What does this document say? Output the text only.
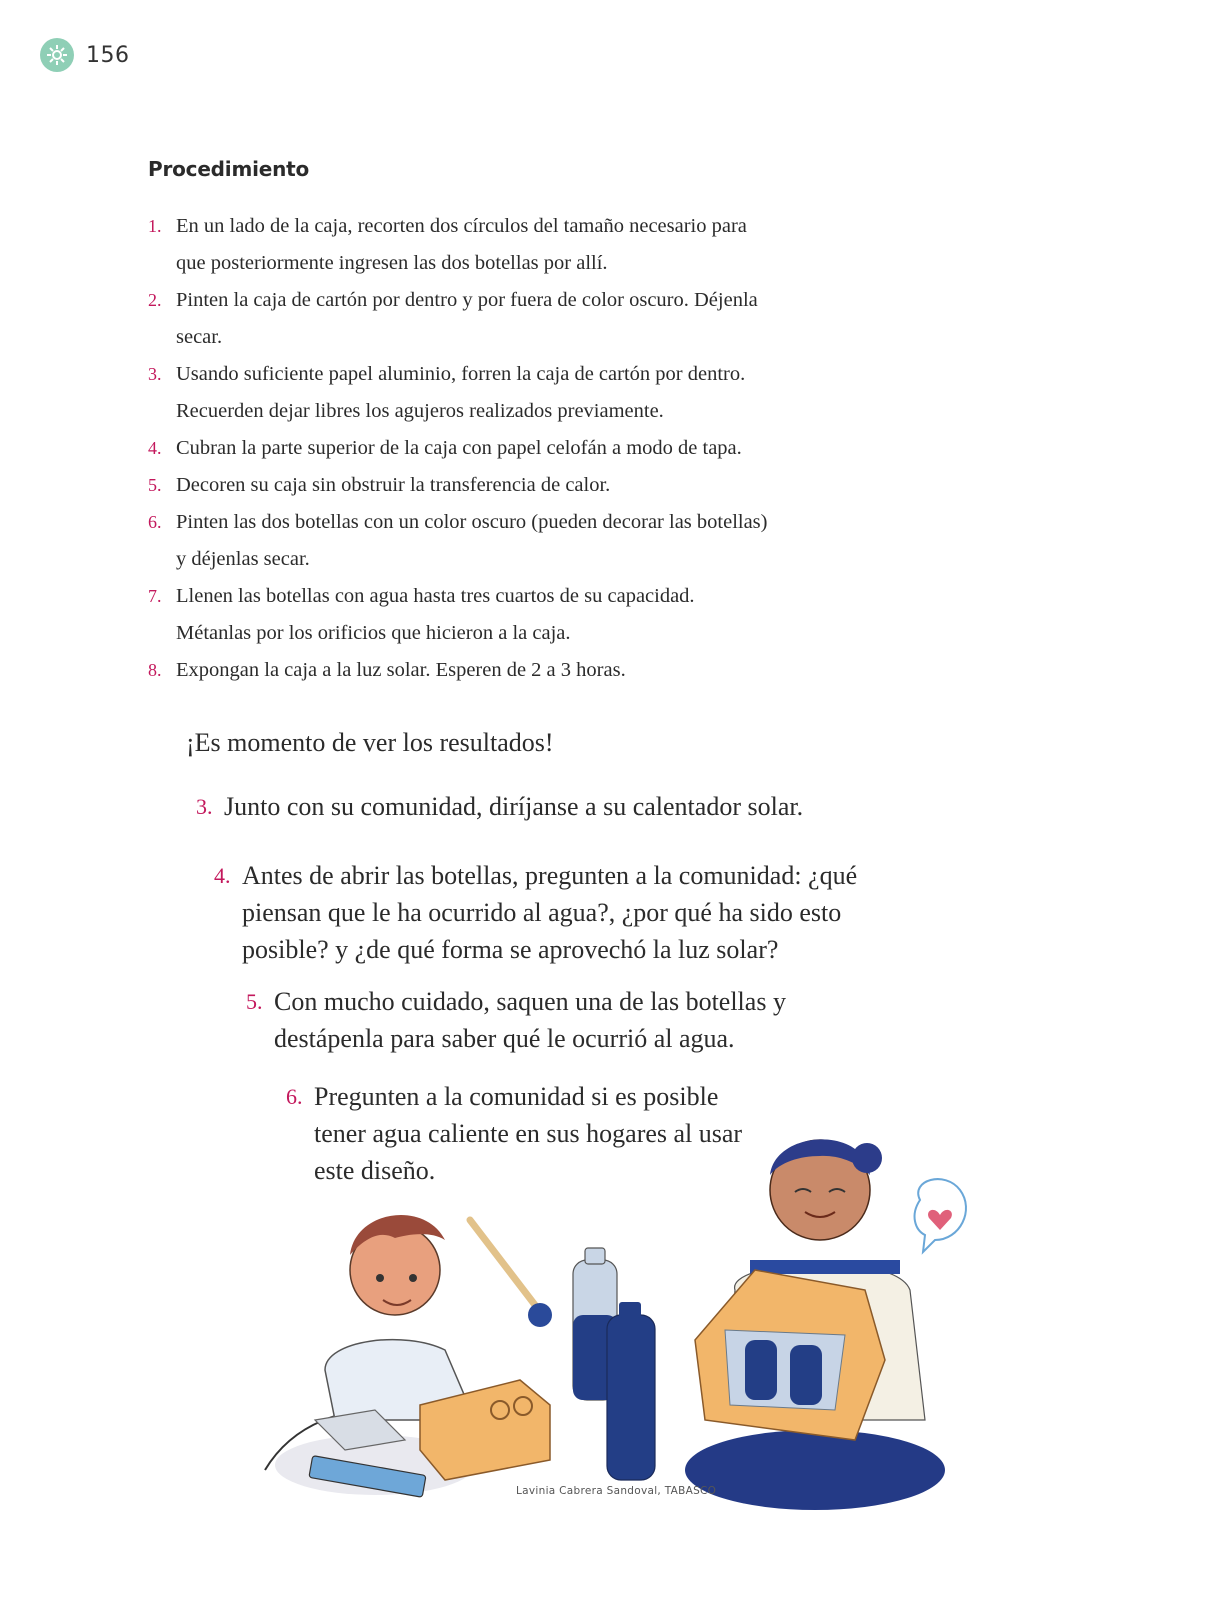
156
Procedimiento
1. En un lado de la caja, recorten dos círculos del tamaño necesario para que posteriormente ingresen las dos botellas por allí.
2. Pinten la caja de cartón por dentro y por fuera de color oscuro. Déjenla secar.
3. Usando suficiente papel aluminio, forren la caja de cartón por dentro. Recuerden dejar libres los agujeros realizados previamente.
4. Cubran la parte superior de la caja con papel celofán a modo de tapa.
5. Decoren su caja sin obstruir la transferencia de calor.
6. Pinten las dos botellas con un color oscuro (pueden decorar las botellas) y déjenlas secar.
7. Llenen las botellas con agua hasta tres cuartos de su capacidad. Métanlas por los orificios que hicieron a la caja.
8. Expongan la caja a la luz solar. Esperen de 2 a 3 horas.

¡Es momento de ver los resultados!

3. Junto con su comunidad, diríjanse a su calentador solar.
4. Antes de abrir las botellas, pregunten a la comunidad: ¿qué piensan que le ha ocurrido al agua?, ¿por qué ha sido esto posible? y ¿de qué forma se aprovechó la luz solar?
5. Con mucho cuidado, saquen una de las botellas y destápenla para saber qué le ocurrió al agua.
6. Pregunten a la comunidad si es posible tener agua caliente en sus hogares al usar este diseño.
Lavinia Cabrera Sandoval, TABASCO
